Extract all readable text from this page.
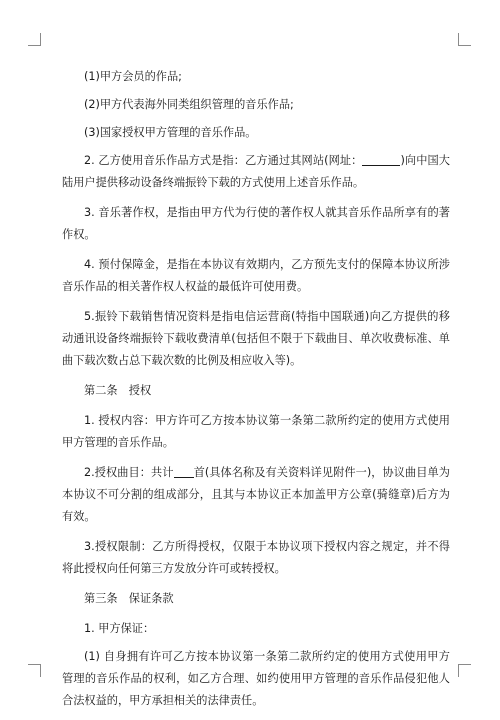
(1)甲方会员的作品;

(2)甲方代表海外同类组织管理的音乐作品;

(3)国家授权甲方管理的音乐作品。

2. 乙方使用音乐作品方式是指：乙方通过其网站(网址：	)向中国大陆用户提供移动设备终端振铃下载的方式使用上述音乐作品。

3. 音乐著作权，是指由甲方代为行使的著作权人就其音乐作品所享有的著作权。

4. 预付保障金，是指在本协议有效期内，乙方预先支付的保障本协议所涉音乐作品的相关著作权人权益的最低许可使用费。

5.振铃下载销售情况资料是指电信运营商(特指中国联通)向乙方提供的移动通讯设备终端振铃下载收费清单(包括但不限于下载曲目、单次收费标准、单曲下载次数占总下载次数的比例及相应收入等)。

第二条　授权

1. 授权内容：甲方许可乙方按本协议第一条第二款所约定的使用方式使用甲方管理的音乐作品。

2.授权曲目：共计 首(具体名称及有关资料详见附件一)，协议曲目单为本协议不可分割的组成部分，且其与本协议正本加盖甲方公章(骑缝章)后方为有效。

3.授权限制：乙方所得授权，仅限于本协议项下授权内容之规定，并不得将此授权向任何第三方发放分许可或转授权。

第三条　保证条款

1. 甲方保证：

(1) 自身拥有许可乙方按本协议第一条第二款所约定的使用方式使用甲方管理的音乐作品的权利，如乙方合理、如约使用甲方管理的音乐作品侵犯他人合法权益的，甲方承担相关的法律责任。
